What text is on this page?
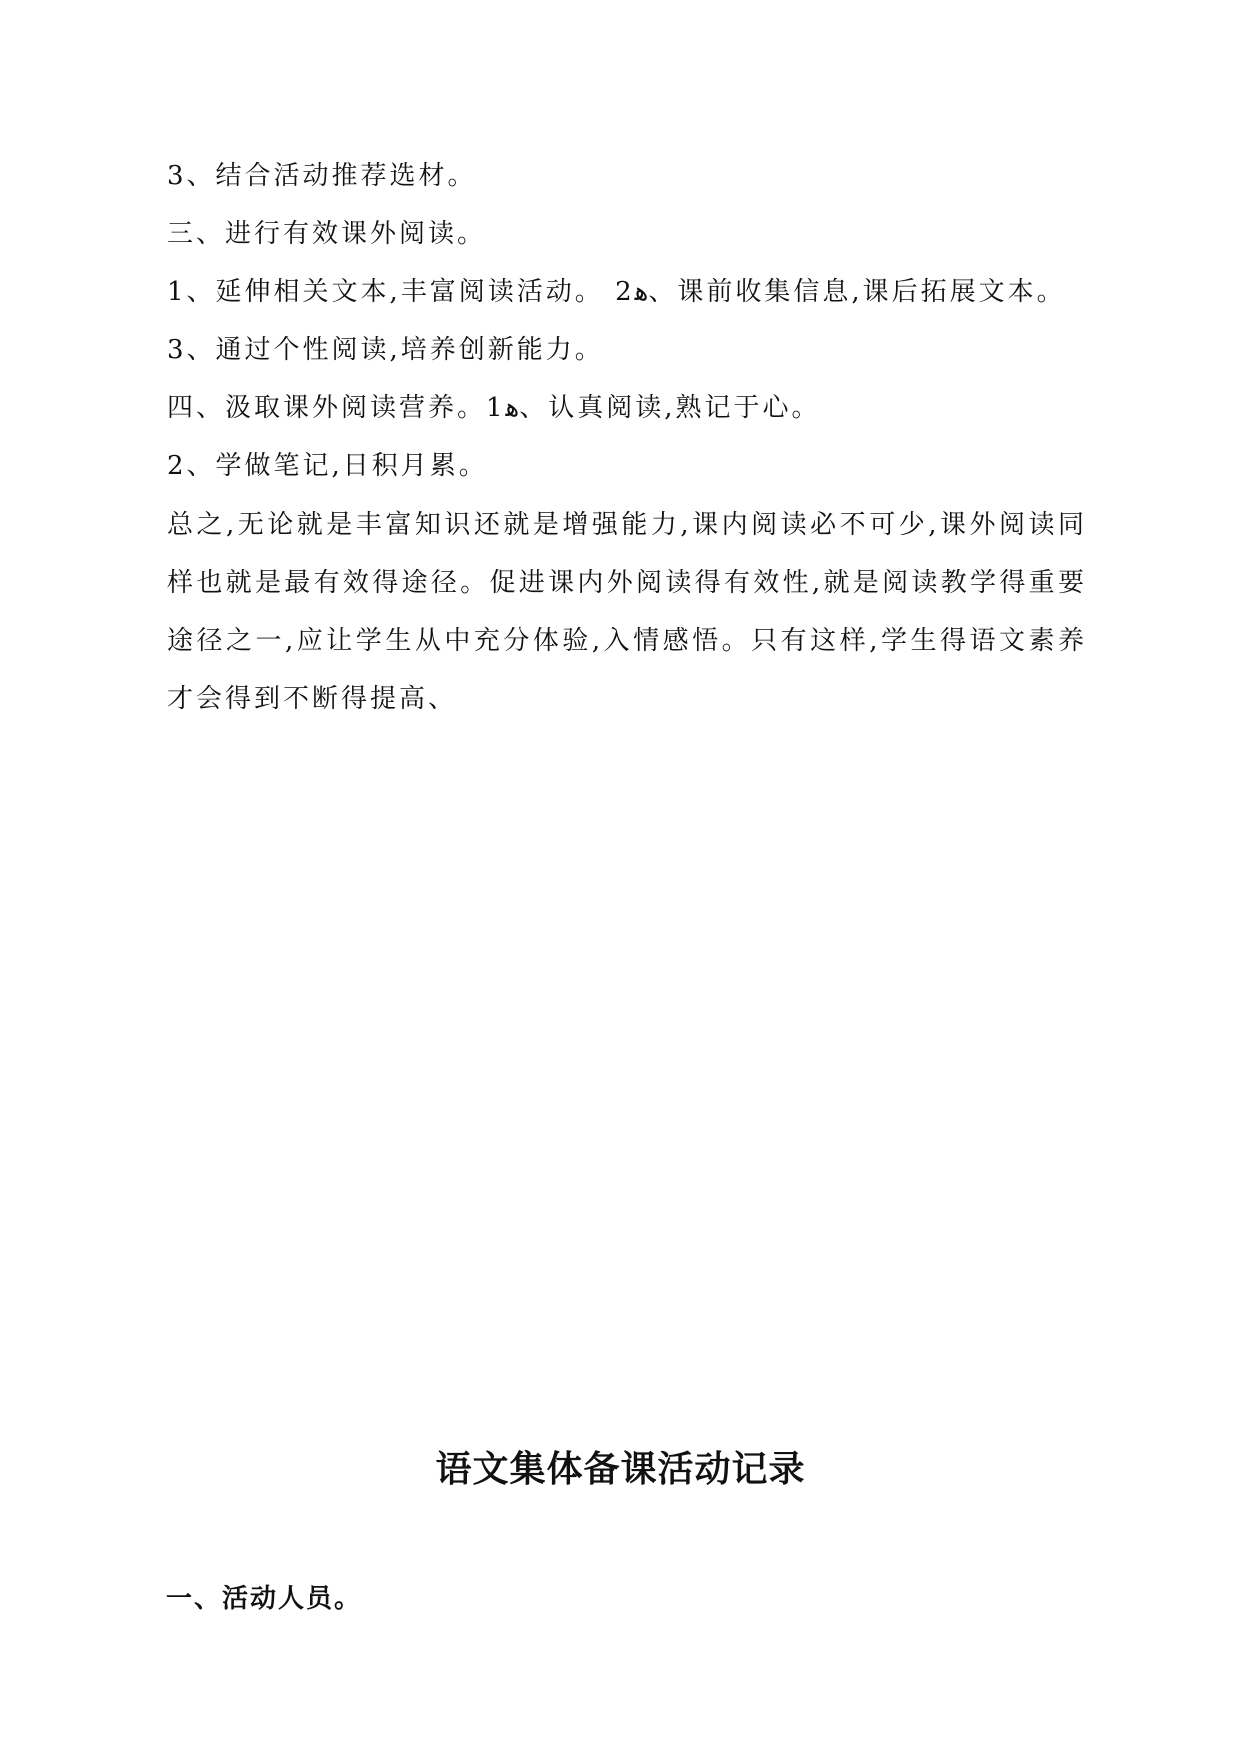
3、结合活动推荐选材。
三、进行有效课外阅读。
1、延伸相关文本,丰富阅读活动。 2ﻫ、课前收集信息,课后拓展文本。
3、通过个性阅读,培养创新能力。
四、汲取课外阅读营养。1ﻫ、认真阅读,熟记于心。
2、学做笔记,日积月累。
总之,无论就是丰富知识还就是增强能力,课内阅读必不可少,课外阅读同样也就是最有效得途径。促进课内外阅读得有效性,就是阅读教学得重要途径之一,应让学生从中充分体验,入情感悟。只有这样,学生得语文素养才会得到不断得提高、
语文集体备课活动记录
一、活动人员。
